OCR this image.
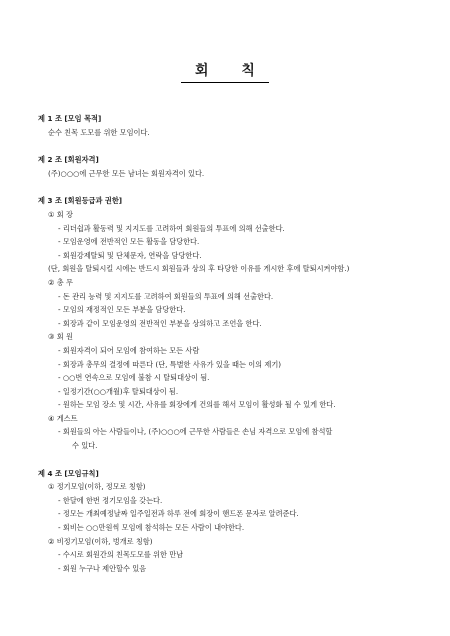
회 칙
제 1 조 [모임 목적]
순수 친목 도모를 위한 모임이다.
제 2 조 [회원자격]
(주)○○○에 근무한 모든 남녀는 회원자격이 있다.
제 3 조 [회원등급과 권한]
① 회 장
- 리더쉽과 활동력 및 지지도를 고려하여 회원들의 투표에 의해 선출한다.
- 모임운영에 전반적인 모든 활동을 담당한다.
- 회원강제탈퇴 및 단체문자, 연락을 담당한다.
(단, 회원을 탈퇴시킬 시에는 반드시 회원들과 상의 후 타당한 이유를 게시한 후에 탈퇴시켜야함.)
② 총 무
- 돈 관리 능력 및 지지도를 고려하여 회원들의 투표에 의해 선출한다.
- 모임의 재정적인 모든 부분을 담당한다.
- 회장과 같이 모임운영의 전반적인 부분을 상의하고 조언을 한다.
③ 회 원
- 회원자격이 되어 모임에 참여하는 모든 사람
- 회장과 총무의 결정에 따른다 (단, 특별한 사유가 있을 때는 이의 제기)
- ○○번 연속으로 모임에 불참 시 탈퇴대상이 됨.
- 일정기간(○○개월)후 탈퇴대상이 됨.
- 원하는 모임 장소 및 시간, 사유를 회장에게 건의를 해서 모임이 활성화 될 수 있게 한다.
④ 게스트
- 회원들의 아는 사람들이나, (주)○○○에 근무한 사람들은 손님 자격으로 모임에 참석할
수 있다.
제 4 조 [모임규칙]
① 정기모임(이하, 정모로 칭함)
- 한달에 한번 정기모임을 갖는다.
- 정모는 개최예정날짜 일주일전과 하루 전에 회장이 핸드폰 문자로 알려준다.
- 회비는 ○○만원씩 모임에 참석하는 모든 사람이 내야한다.
② 비정기모임(이하, 벙개로 칭함)
- 수시로 회원간의 친목도모를 위한 만남
- 회원 누구나 제안할수 있음
